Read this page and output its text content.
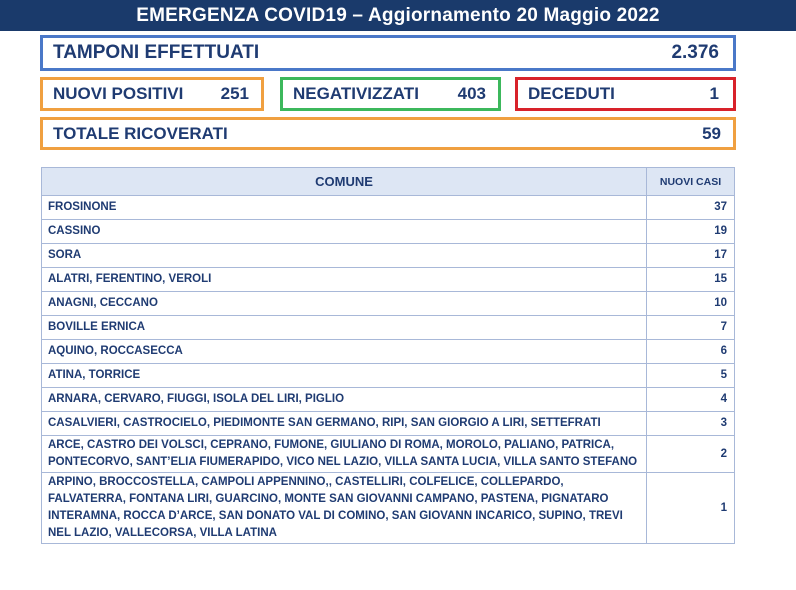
EMERGENZA COVID19 – Aggiornamento 20 Maggio 2022
TAMPONI EFFETTUATI	2.376
NUOVI POSITIVI 251	NEGATIVIZZATI 403 DECEDUTI	1
TOTALE RICOVERATI	59
COMUNE	NUOVI CASI
FROSINONE	37
CASSINO	19
SORA	17
ALATRI, FERENTINO, VEROLI	15
ANAGNI, CECCANO	10
BOVILLE ERNICA	7
AQUINO, ROCCASECCA	6
ATINA, TORRICE	5
ARNARA, CERVARO, FIUGGI, ISOLA DEL LIRI, PIGLIO	4
CASALVIERI, CASTROCIELO, PIEDIMONTE SAN GERMANO, RIPI, SAN GIORGIO A LIRI, SETTEFRATI	3
ARCE, CASTRO DEI VOLSCI, CEPRANO, FUMONE, GIULIANO DI ROMA, MOROLO, PALIANO, PATRICA, PONTECORVO, SANT’ELIA FIUMERAPIDO, VICO NEL LAZIO, VILLA SANTA LUCIA, VILLA SANTO STEFANO	2
ARPINO, BROCCOSTELLA, CAMPOLI APPENNINO,, CASTELLIRI, COLFELICE, COLLEPARDO, FALVATERRA, FONTANA LIRI, GUARCINO, MONTE SAN GIOVANNI CAMPANO, PASTENA, PIGNATARO INTERAMNA, ROCCA D’ARCE, SAN DONATO VAL DI COMINO, SAN GIOVANN INCARICO, SUPINO, TREVI NEL LAZIO, VALLECORSA, VILLA LATINA	1
